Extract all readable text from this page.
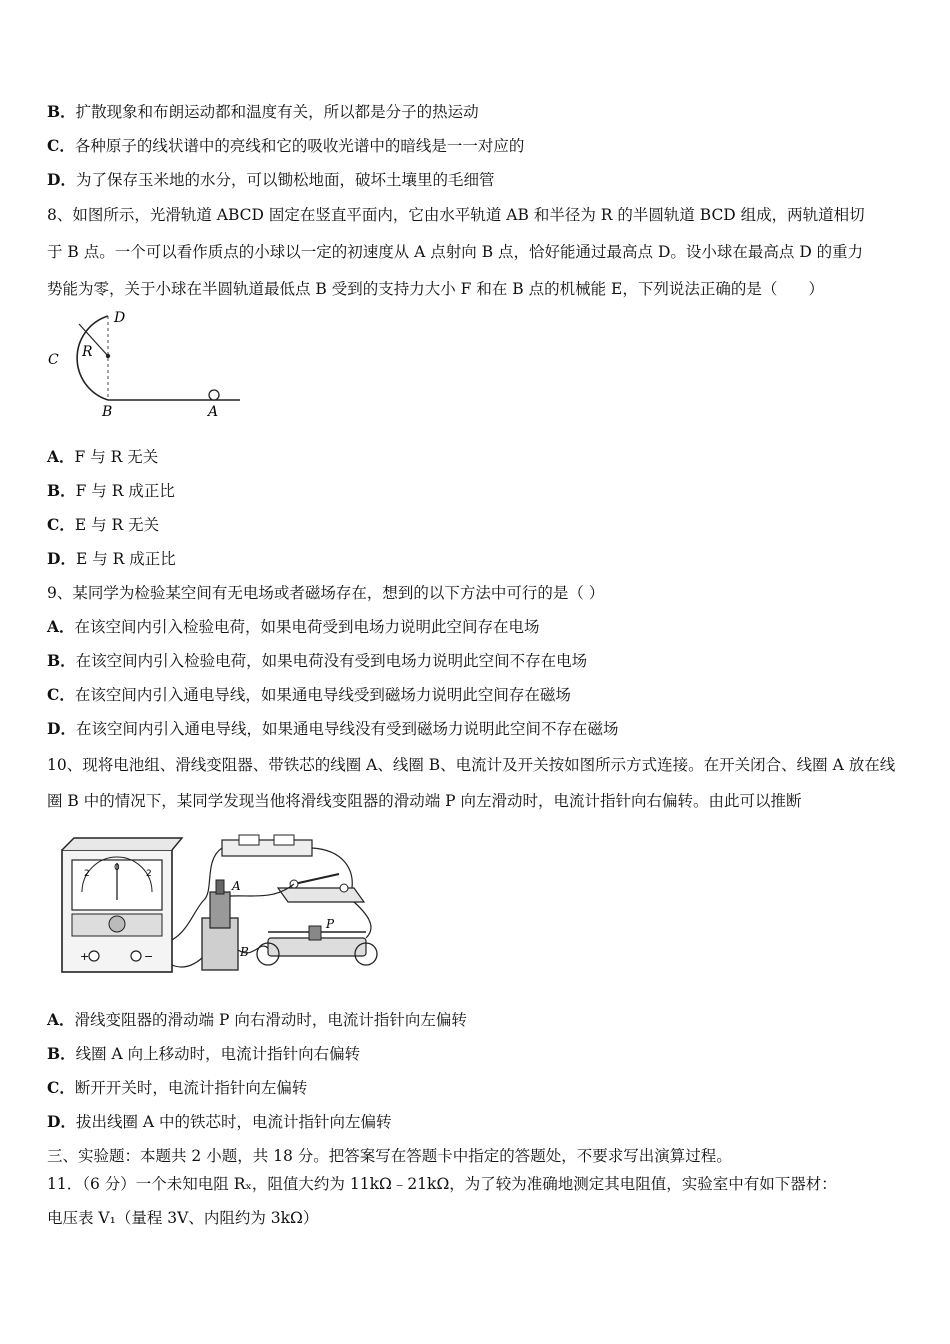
B．扩散现象和布朗运动都和温度有关，所以都是分子的热运动
C．各种原子的线状谱中的亮线和它的吸收光谱中的暗线是一一对应的
D．为了保存玉米地的水分，可以锄松地面，破坏土壤里的毛细管
8、如图所示，光滑轨道 ABCD 固定在竖直平面内，它由水平轨道 AB 和半径为 R 的半圆轨道 BCD 组成，两轨道相切
于 B 点。一个可以看作质点的小球以一定的初速度从 A 点射向 B 点，恰好能通过最高点 D。设小球在最高点 D 的重力
势能为零，关于小球在半圆轨道最低点 B 受到的支持力大小 F 和在 B 点的机械能 E，下列说法正确的是（　　）
D
R
C
B	A
A．F 与 R 无关
B．F 与 R 成正比
C．E 与 R 无关
D．E 与 R 成正比
9、某同学为检验某空间有无电场或者磁场存在，想到的以下方法中可行的是（ ）
A．在该空间内引入检验电荷，如果电荷受到电场力说明此空间存在电场
B．在该空间内引入检验电荷，如果电荷没有受到电场力说明此空间不存在电场
C．在该空间内引入通电导线，如果通电导线受到磁场力说明此空间存在磁场
D．在该空间内引入通电导线，如果通电导线没有受到磁场力说明此空间不存在磁场
10、现将电池组、滑线变阻器、带铁芯的线圈 A、线圈 B、电流计及开关按如图所示方式连接。在开关闭合、线圈 A 放在线
圈 B 中的情况下，某同学发现当他将滑线变阻器的滑动端 P 向左滑动时，电流计指针向右偏转。由此可以推断
0
2	2
+	−
A
B
P
A．滑线变阻器的滑动端 P 向右滑动时，电流计指针向左偏转
B．线圈 A 向上移动时，电流计指针向右偏转
C．断开开关时，电流计指针向左偏转
D．拔出线圈 A 中的铁芯时，电流计指针向左偏转
三、实验题：本题共 2 小题，共 18 分。把答案写在答题卡中指定的答题处，不要求写出演算过程。
11．（6 分）一个未知电阻 Rₓ，阻值大约为 11kΩ﹣21kΩ，为了较为准确地测定其电阻值，实验室中有如下器材：
电压表 V₁（量程 3V、内阻约为 3kΩ）
